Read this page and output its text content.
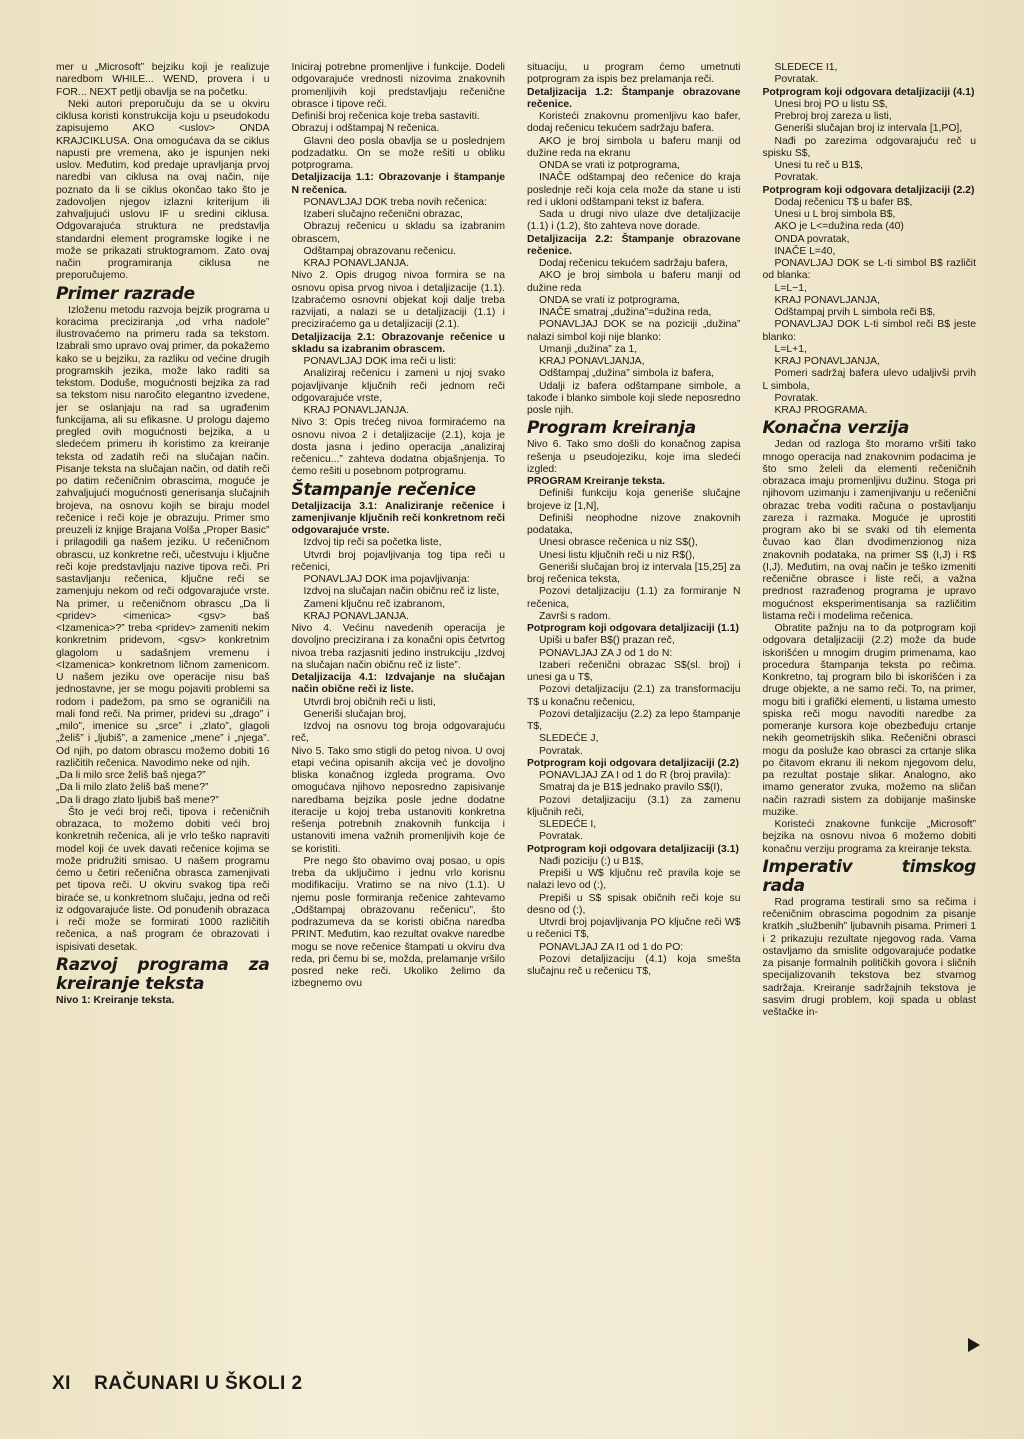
mer u „Microsoft” bejziku koji je realizuje naredbom WHILE... WEND, provera i u FOR... NEXT petlji obavlja se na početku.

Neki autori preporučuju da se u okviru ciklusa koristi konstrukcija koju u pseudokodu zapisujemo AKO <uslov> ONDA KRAJCIKLUSA. Ona omogućava da se ciklus napusti pre vremena, ako je ispunjen neki uslov. Međutim, kod predaje upravljanja prvoj naredbi van ciklusa na ovaj način, nije poznato da li se ciklus okončao tako što je zadovoljen njegov izlazni kriterijum ili zahvaljujući uslovu IF u sredini ciklusa. Odgovarajuća struktura ne predstavlja standardni element programske logike i ne može se prikazati struktogramom. Zato ovaj način programiranja ciklusa ne preporučujemo.

Primer razrade

Izloženu metodu razvoja bejzik programa u koracima preciziranja „od vrha nadole” ilustrovaćemo na primeru rada sa tekstom. Izabrali smo upravo ovaj primer, da pokažemo kako se u bejziku, za razliku od većine drugih programskih jezika, može lako raditi sa tekstom. Doduše, mogućnosti bejzika za rad sa tekstom nisu naročito elegantno izvedene, jer se oslanjaju na rad sa ugrađenim funkcijama, ali su efikasne. U prologu dajemo pregled ovih mogućnosti bejzika, a u sledećem primeru ih koristimo za kreiranje teksta od zadatih reči na slučajan način. Pisanje teksta na slučajan način, od datih reči po datim rečeničnim obrascima, moguće je zahvaljujući mogućnosti generisanja slučajnih brojeva, na osnovu kojih se biraju model rečenice i reči koje je obrazuju. Primer smo preuzeli iz knjige Brajana Volša „Proper Basic” i prilagodili ga našem jeziku. U rečeničnom obrascu, uz konkretne reči, učestvuju i ključne reči koje predstavljaju nazive tipova reči. Pri sastavljanju rečenica, ključne reči se zamenjuju nekom od reči odgovarajuće vrste. Na primer, u rečeničnom obrascu „Da li <pridev> <imenica> <gsv> baš <Izamenica>?” treba <pridev> zameniti nekim konkretnim pridevom, <gsv> konkretnim glagolom u sadašnjem vremenu i <Izamenica> konkretnom ličnom zamenicom. U našem jeziku ove operacije nisu baš jednostavne, jer se mogu pojaviti problemi sa rodom i padežom, pa smo se ograničili na mali fond reči. Na primer, pridevi su „drago” i „milo”, imenice su „srce” i „zlato”, glagoli „želiš” i „ljubiš”, a zamenice „mene” i „njega”. Od njih, po datom obrascu možemo dobiti 16 različitih rečenica. Navodimo neke od njih.

„Da li milo srce želiš baš njega?”

„Da li milo zlato želiš baš mene?”

„Da li drago zlato ljubiš baš mene?”

Što je veći broj reči, tipova i rečeničnih obrazaca, to možemo dobiti veći broj konkretnih rečenica, ali je vrlo teško napraviti model koji će uvek davati rečenice kojima se može pridružiti smisao. U našem programu ćemo u četiri rečenična obrasca zamenjivati pet tipova reči. U okviru svakog tipa reči biraće se, u konkretnom slučaju, jedna od reči iz odgovarajuće liste. Od ponuđenih obrazaca i reči može se formirati 1000 različitih rečenica, a naš program će obrazovati i ispisivati desetak.

Razvoj programa za kreiranje teksta

Nivo 1: Kreiranje teksta.

Iniciraj potrebne promenljive i funkcije. Dodeli odgovarajuće vrednosti nizovima znakovnih promenljivih koji predstavljaju rečenične obrasce i tipove reči.

Definiši broj rečenica koje treba sastaviti.

Obrazuj i odštampaj N rečenica.

Glavni deo posla obavlja se u poslednjem podzadatku. On se može rešiti u obliku potprograma.

Detaljizacija 1.1: Obrazovanje i štampanje N rečenica.

PONAVLJAJ DOK treba novih rečenica:

Izaberi slučajno rečenični obrazac,

Obrazuj rečenicu u skladu sa izabranim obrascem,

Odštampaj obrazovanu rečenicu.

KRAJ PONAVLJANJA.

Nivo 2. Opis drugog nivoa formira se na osnovu opisa prvog nivoa i detaljizacije (1.1). Izabraćemo osnovni objekat koji dalje treba razvijati, a nalazi se u detaljizaciji (1.1) i preciziraćemo ga u detaljizaciji (2.1).

Detaljizacija 2.1: Obrazovanje rečenice u skladu sa izabranim obrascem.

PONAVLJAJ DOK ima reči u listi:

Analiziraj rečenicu i zameni u njoj svako pojavljivanje ključnih reči jednom reči odgovarajuće vrste,

KRAJ PONAVLJANJA.

Nivo 3: Opis trećeg nivoa formiraćemo na osnovu nivoa 2 i detaljizacije (2.1), koja je dosta jasna i jedino operacija „analiziraj rečenicu...” zahteva dodatna objašnjenja. To ćemo rešiti u posebnom potprogramu.

Štampanje rečenice

Detaljizacija 3.1: Analiziranje rečenice i zamenjivanje ključnih reči konkretnom reči odgovarajuće vrste.

Izdvoj tip reči sa početka liste,

Utvrdi broj pojavljivanja tog tipa reči u rečenici,

PONAVLJAJ DOK ima pojavljivanja:

Izdvoj na slučajan način običnu reč iz liste,

Zameni ključnu reč izabranom,

KRAJ PONAVLJANJA.

Nivo 4. Većinu navedenih operacija je dovoljno precizirana i za konačni opis četvrtog nivoa treba razjasniti jedino instrukciju „Izdvoj na slučajan način običnu reč iz liste”.

Detaljizacija 4.1: Izdvajanje na slučajan način obične reči iz liste.

Utvrdi broj običnih reči u listi,

Generiši slučajan broj,

Izdvoj na osnovu tog broja odgovarajuću reč,

Nivo 5. Tako smo stigli do petog nivoa. U ovoj etapi većina opisanih akcija već je dovoljno bliska konačnog izgleda programa. Ovo omogućava njihovo neposredno zapisivanje naredbama bejzika posle jedne dodatne iteracije u kojoj treba ustanoviti konkretna rešenja potrebnih znakovnih funkcija i ustanoviti imena važnih promenljivih koje će se koristiti.

Pre nego što obavimo ovaj posao, u opis treba da uključimo i jednu vrlo korisnu modifikaciju. Vratimo se na nivo (1.1). U njemu posle formiranja rečenice zahtevamo „Odštampaj obrazovanu rečenicu”, što podrazumeva da se koristi obična naredba PRINT. Međutim, kao rezultat ovakve naredbe mogu se nove rečenice štampati u okviru dva reda, pri čemu bi se, možda, prelamanje vršilo posred neke reči. Ukoliko želimo da izbegnemo ovu

situaciju, u program ćemo umetnuti potprogram za ispis bez prelamanja reči.

Detaljizacija 1.2: Štampanje obrazovane rečenice.

Koristeći znakovnu promenljivu kao bafer, dodaj rečenicu tekućem sadržaju bafera.

AKO je broj simbola u baferu manji od dužine reda na ekranu

ONDA se vrati iz potprograma,

INAČE odštampaj deo rečenice do kraja poslednje reči koja cela može da stane u isti red i ukloni odštampani tekst iz bafera.

Sada u drugi nivo ulaze dve detaljizacije (1.1) i (1.2), što zahteva nove dorade.

Detaljizacija 2.2: Štampanje obrazovane rečenice.

Dodaj rečenicu tekućem sadržaju bafera,

AKO je broj simbola u baferu manji od dužine reda

ONDA se vrati iz potprograma,

INAČE smatraj „dužina”=dužina reda,

PONAVLJAJ DOK se na poziciji „dužina” nalazi simbol koji nije blanko:

Umanji „dužina” za 1,

KRAJ PONAVLJANJA,

Odštampaj „dužina” simbola iz bafera,

Udalji iz bafera odštampane simbole, a takođe i blanko simbole koji slede neposredno posle njih.

Program kreiranja

Nivo 6. Tako smo došli do konačnog zapisa rešenja u pseudojeziku, koje ima sledeći izgled:

PROGRAM Kreiranje teksta.

Definiši funkciju koja generiše slučajne brojeve iz [1,N],

Definiši neophodne nizove znakovnih podataka,

Unesi obrasce rečenica u niz S$(),

Unesi listu ključnih reči u niz R$(),

Generiši slučajan broj iz intervala [15,25] za broj rečenica teksta,

Pozovi detaljizaciju (1.1) za formiranje N rečenica,

Završi s radom.

Potprogram koji odgovara detaljizaciji (1.1)

Upiši u bafer B$() prazan reč,

PONAVLJAJ ZA J od 1 do N:

Izaberi rečenični obrazac S$(sl. broj) i unesi ga u T$,

Pozovi detaljizaciju (2.1) za transformaciju T$ u konačnu rečenicu,

Pozovi detaljizaciju (2.2) za lepo štampanje T$,

SLEDEĆE J,

Povratak.

Potprogram koji odgovara detaljizaciji (2.2)

PONAVLJAJ ZA I od 1 do R (broj pravila):

Smatraj da je B1$ jednako pravilo S$(I),

Pozovi detaljizaciju (3.1) za zamenu ključnih reči,

SLEDEĆE I,

Povratak.

Potprogram koji odgovara detaljizaciji (3.1)

Nađi poziciju (:) u B1$,

Prepiši u W$ ključnu reč pravila koje se nalazi levo od (:),

Prepiši u S$ spisak običnih reči koje su desno od (:),

Utvrdi broj pojavljivanja PO ključne reči W$ u rečenici T$,

PONAVLJAJ ZA I1 od 1 do PO:

Pozovi detaljizaciju (4.1) koja smešta slučajnu reč u rečenicu T$,

SLEDEĆE I1,

Povratak.

Potprogram koji odgovara detaljizaciji (4.1)

Unesi broj PO u listu S$,

Prebroj broj zareza u listi,

Generiši slučajan broj iz intervala [1,PO],

Nađi po zarezima odgovarajuću reč u spisku S$,

Unesi tu reč u B1$,

Povratak.

Potprogram koji odgovara detaljizaciji (2.2)

Dodaj rečenicu T$ u bafer B$,

Unesi u L broj simbola B$,

AKO je L<=dužina reda (40)

ONDA povratak,

INAČE L=40,

PONAVLJAJ DOK se L-ti simbol B$ različit od blanka:

L=L−1,

KRAJ PONAVLJANJA,

Odštampaj prvih L simbola reči B$,

PONAVLJAJ DOK L-ti simbol reči B$ jeste blanko:

L=L+1,

KRAJ PONAVLJANJA,

Pomeri sadržaj bafera ulevo udaljivši prvih L simbola,

Povratak.

KRAJ PROGRAMA.

Konačna verzija

Jedan od razloga što moramo vršiti tako mnogo operacija nad znakovnim podacima je što smo želeli da elementi rečeničnih obrazaca imaju promenljivu dužinu. Stoga pri njihovom uzimanju i zamenjivanju u rečenični obrazac treba voditi računa o postavljanju zareza i razmaka. Moguće je uprostiti program ako bi se svaki od tih elementa čuvao kao član dvodimenzionog niza znakovnih podataka, na primer S$ (I,J) i R$ (I,J). Međutim, na ovaj način je teško izmeniti rečenične obrasce i liste reči, a važna prednost razrađenog programa je upravo mogućnost eksperimentisanja sa različitim listama reči i modelima rečenica.

Obratite pažnju na to da potprogram koji odgovara detaljizaciji (2.2) može da bude iskorišćen u mnogim drugim primenama, kao procedura štampanja teksta po rečima. Konkretno, taj program bilo bi iskorišćen i za druge objekte, a ne samo reči. To, na primer, mogu biti i grafički elementi, u listama umesto spiska reči mogu navoditi naredbe za pomeranje kursora koje obezbeđuju crtanje nekih geometrijskih slika. Rečenični obrasci mogu da posluže kao obrasci za crtanje slika po čitavom ekranu ili nekom njegovom delu, pa rezultat postaje slikar. Analogno, ako imamo generator zvuka, možemo na sličan način razradi sistem za dobijanje mašinske muzike.

Koristeći znakovne funkcije „Microsoft” bejzika na osnovu nivoa 6 možemo dobiti konačnu verziju programa za kreiranje teksta.

Imperativ timskog rada

Rad programa testirali smo sa rečima i rečeničnim obrascima pogodnim za pisanje kratkih „službenih” ljubavnih pisama. Primeri 1 i 2 prikazuju rezultate njegovog rada. Vama ostavljamo da smislite odgovarajuće podatke za pisanje formalnih političkih govora i sličnih specijalizovanih tekstova bez stvarnog sadržaja. Kreiranje sadržajnih tekstova je sasvim drugi problem, koji spada u oblast veštačke in-

XI RAČUNARI U ŠKOLI 2
